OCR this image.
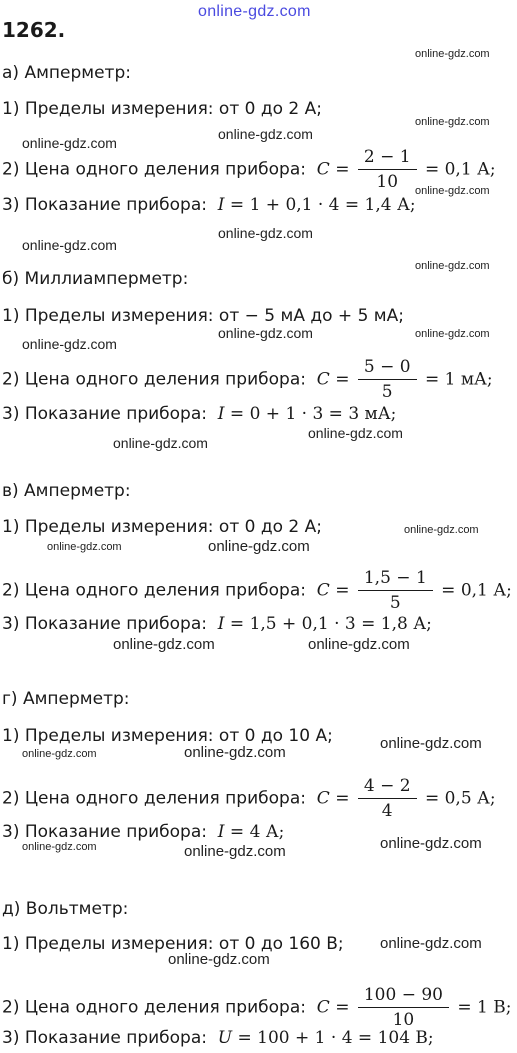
online-gdz.com
online-gdz.com
online-gdz.com
online-gdz.com
online-gdz.com
online-gdz.com
online-gdz.com
online-gdz.com
online-gdz.com
online-gdz.com
online-gdz.com
online-gdz.com
online-gdz.com
online-gdz.com
online-gdz.com
online-gdz.com	online-gdz.com
online-gdz.com	online-gdz.com
online-gdz.com	online-gdz.com
online-gdz.com
online-gdz.com	online-gdz.com	online-gdz.com
online-gdz.com
online-gdz.com
1262.
а) Амперметр:
1) Пределы измерения: от 0 до 2 А;
2) Цена одного деления прибора: $C = \frac{2 - 1}{10} = 0,1$ А;
3) Показание прибора: I = 1 + 0,1 · 4 = 1,4 А;
б) Миллиамперметр:
1) Пределы измерения: от − 5 мА до + 5 мА;
2) Цена одного деления прибора: $C = \frac{5 - 0}{5} = 1$ мА;
3) Показание прибора: I = 0 + 1 · 3 = 3 мА;
в) Амперметр:
1) Пределы измерения: от 0 до 2 А;
2) Цена одного деления прибора: $C = \frac{1,5 - 1}{5} = 0,1$ А;
3) Показание прибора: I = 1,5 + 0,1 · 3 = 1,8 А;
г) Амперметр:
1) Пределы измерения: от 0 до 10 А;
2) Цена одного деления прибора: $C = \frac{4 - 2}{4} = 0,5$ А;
3) Показание прибора: I = 4 А;
д) Вольтметр:
1) Пределы измерения: от 0 до 160 В;
2) Цена одного деления прибора: $C = \frac{100 - 90}{10} = 1$ В;
3) Показание прибора: U = 100 + 1 · 4 = 104 В;
